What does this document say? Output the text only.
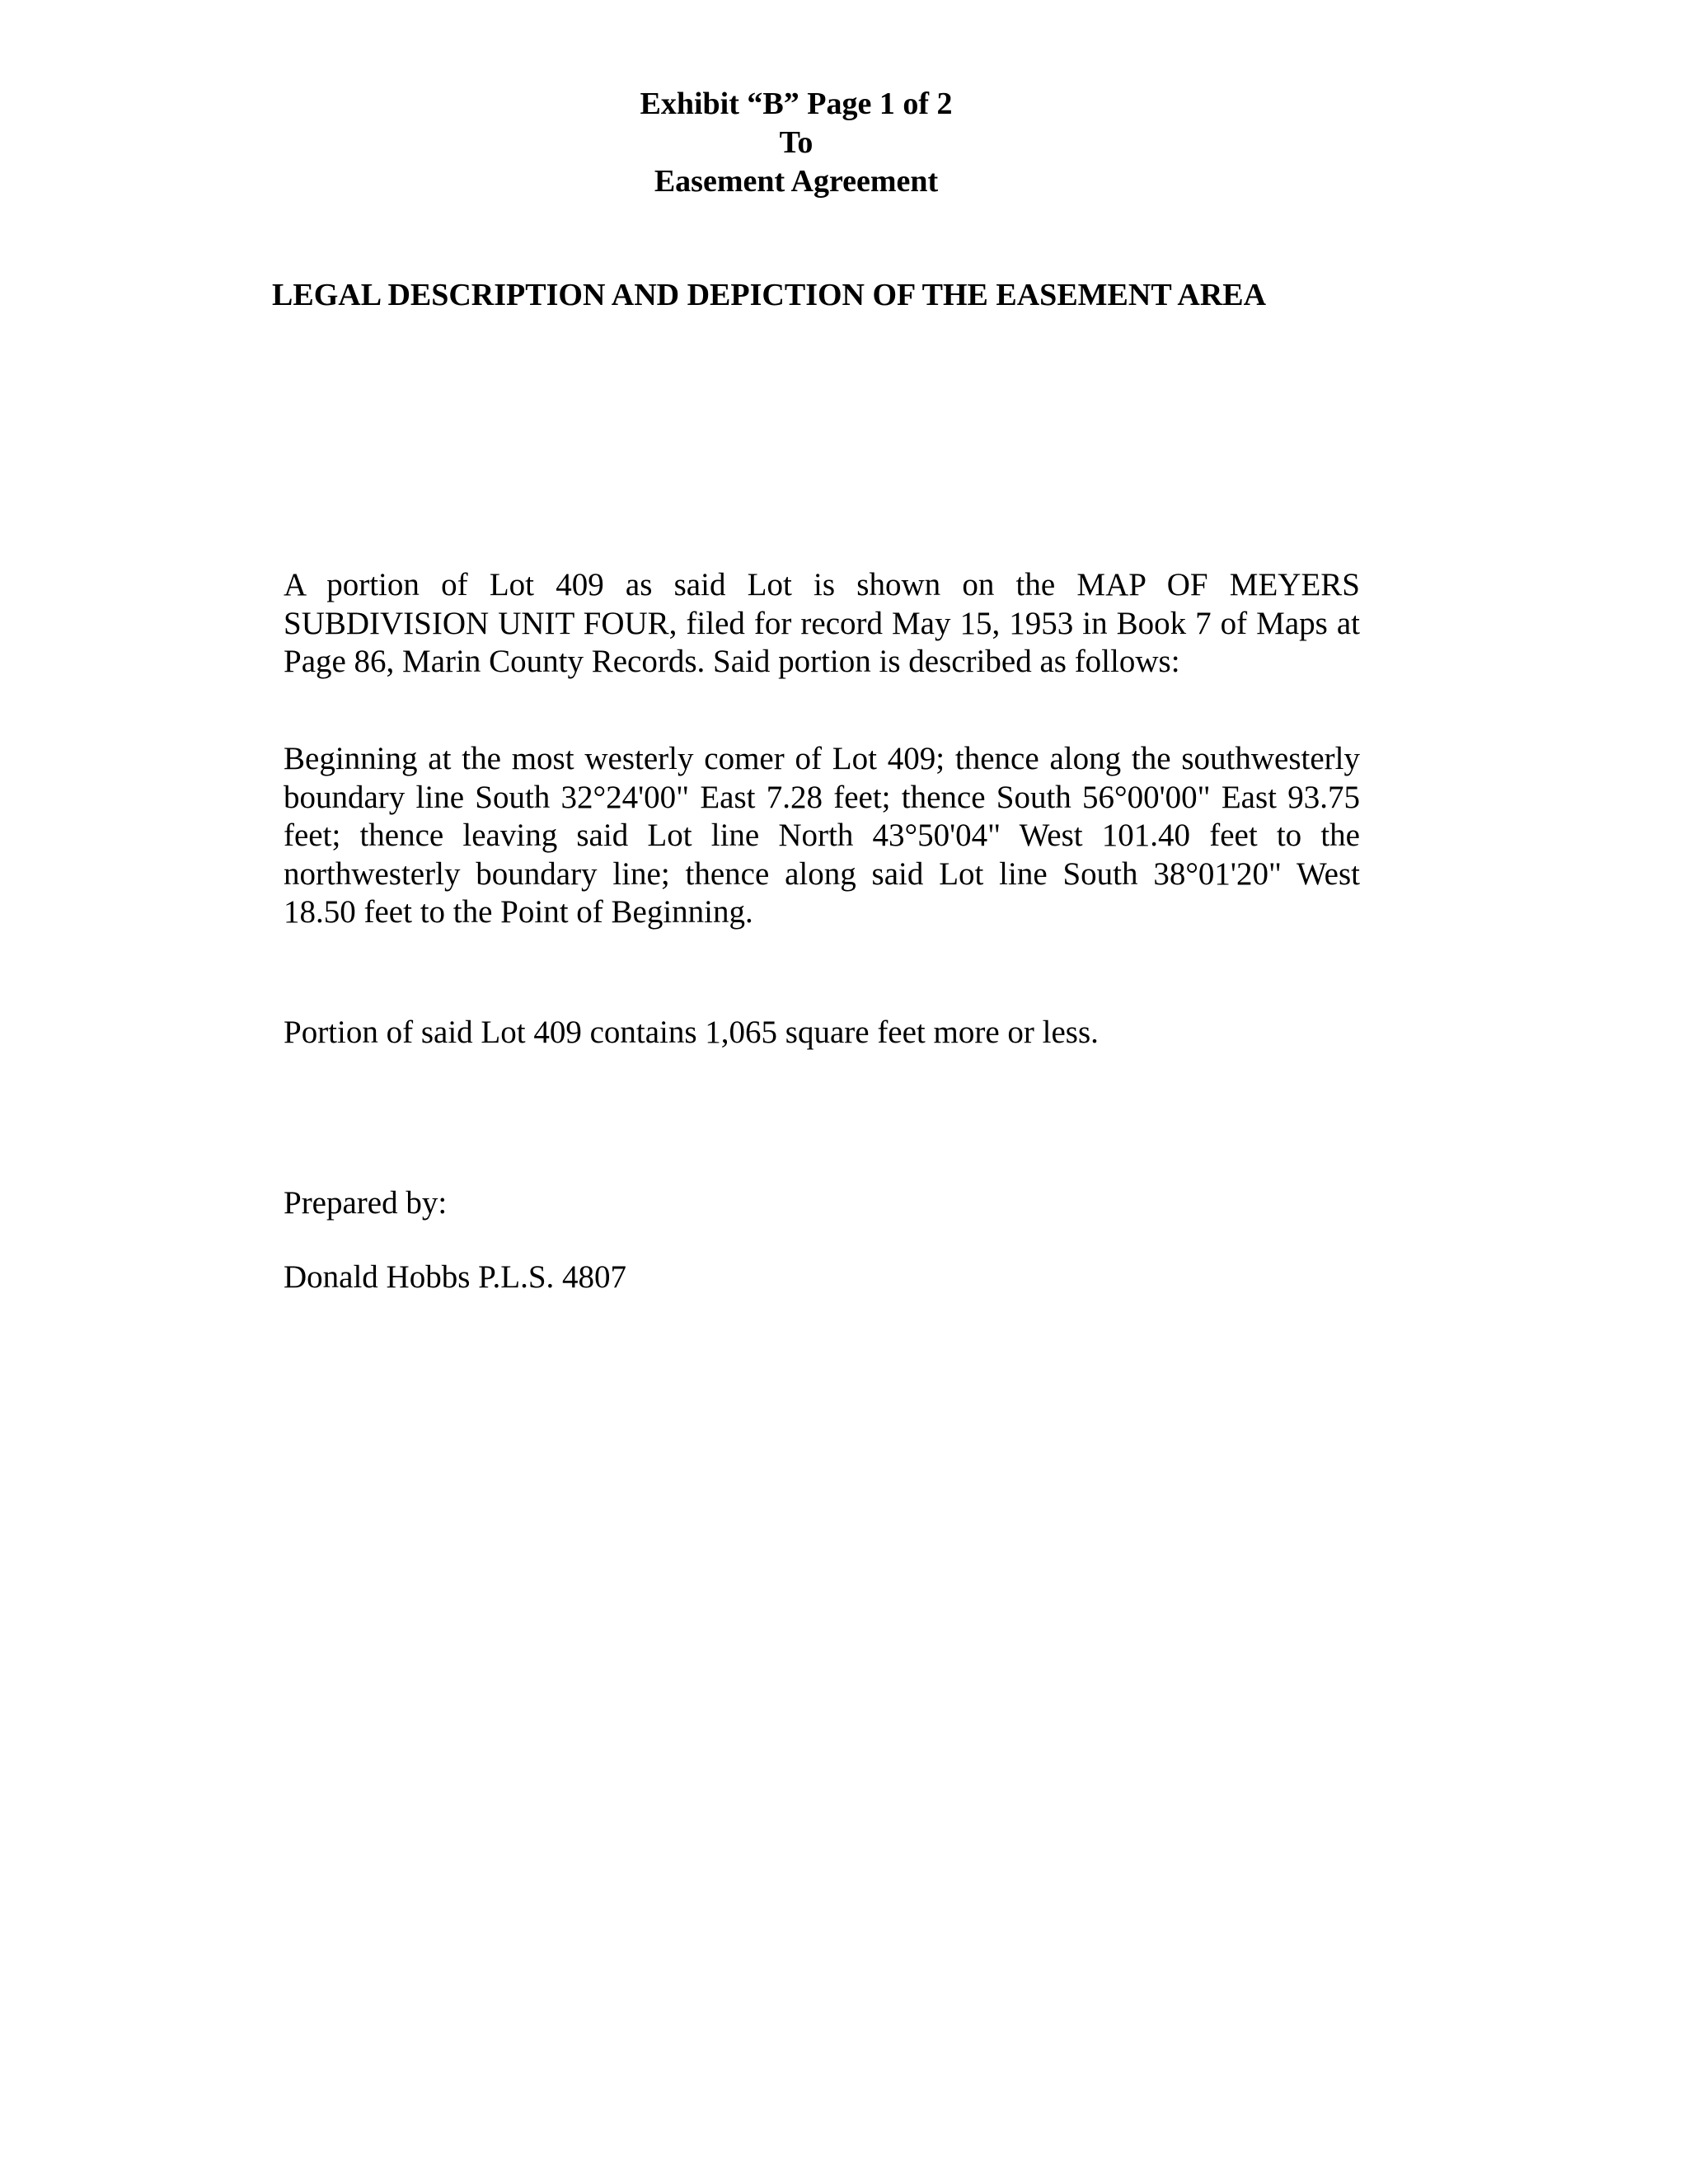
Exhibit “B” Page 1 of 2
To
Easement Agreement
LEGAL DESCRIPTION AND DEPICTION OF THE EASEMENT AREA

A portion of Lot 409 as said Lot is shown on the MAP OF MEYERS SUBDIVISION UNIT FOUR, filed for record May 15, 1953 in Book 7 of Maps at Page 86, Marin County Records. Said portion is described as follows:

Beginning at the most westerly comer of Lot 409; thence along the southwesterly boundary line South 32°24'00" East 7.28 feet; thence South 56°00'00" East 93.75 feet; thence leaving said Lot line North 43°50'04" West 101.40 feet to the northwesterly boundary line; thence along said Lot line South 38°01'20" West 18.50 feet to the Point of Beginning.

Portion of said Lot 409 contains 1,065 square feet more or less.

Prepared by:

Donald Hobbs P.L.S. 4807
